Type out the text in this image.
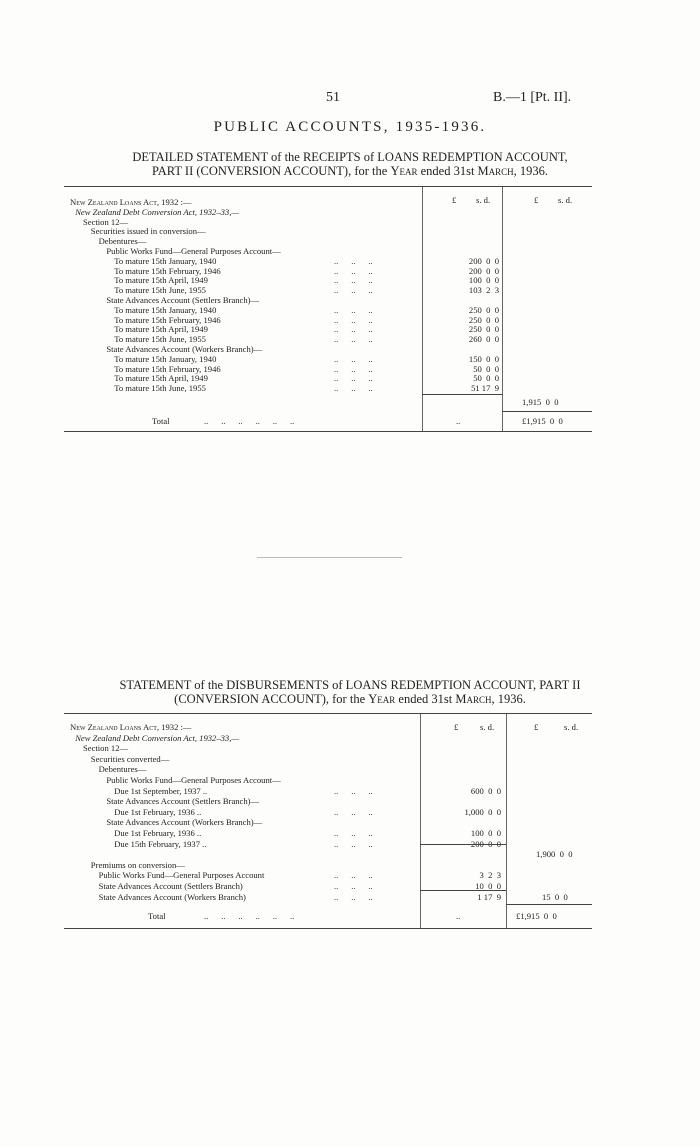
51	B.—1 [Pt. II].
PUBLIC ACCOUNTS, 1935-1936.
DETAILED STATEMENT of the RECEIPTS of LOANS REDEMPTION ACCOUNT,
PART II (CONVERSION ACCOUNT), for the Year ended 31st March, 1936.
£ s. d.	£ s. d.
New Zealand Loans Act, 1932 :—
New Zealand Debt Conversion Act, 1932–33,—
Section 12—
Securities issued in conversion—
Debentures—
Public Works Fund—General Purposes Account—
To mature 15th January, 1940	..      ..      ..	200  0  0
To mature 15th February, 1946	..      ..      ..	200  0  0
To mature 15th April, 1949	..      ..      ..	100  0  0
To mature 15th June, 1955	..      ..      ..	103  2  3
State Advances Account (Settlers Branch)—
To mature 15th January, 1940	..      ..      ..	250  0  0
To mature 15th February, 1946	..      ..      ..	250  0  0
To mature 15th April, 1949	..      ..      ..	250  0  0
To mature 15th June, 1955	..      ..      ..	260  0  0
State Advances Account (Workers Branch)—
To mature 15th January, 1940	..      ..      ..	150  0  0
To mature 15th February, 1946	..      ..      ..	50  0  0
To mature 15th April, 1949	..      ..      ..	50  0  0
To mature 15th June, 1955	..      ..      ..	51 17  9
1,915  0  0
Total	..      ..      ..      ..      ..      ..	..	£1,915  0  0
STATEMENT of the DISBURSEMENTS of LOANS REDEMPTION ACCOUNT, PART II
(CONVERSION ACCOUNT), for the Year ended 31st March, 1936.
£	s. d.	£	s. d.
New Zealand Loans Act, 1932 :—
New Zealand Debt Conversion Act, 1932–33,—
Section 12—
Securities converted—
Debentures—
Public Works Fund—General Purposes Account—
Due 1st September, 1937 ..	..      ..      ..	600  0  0
State Advances Account (Settlers Branch)—
Due 1st February, 1936 ..	..      ..      ..	1,000  0  0
State Advances Account (Workers Branch)—
Due 1st February, 1936 ..	..      ..      ..	100  0  0
Due 15th February, 1937 ..	..      ..      ..	200  0  0
1,900  0  0
Premiums on conversion—
Public Works Fund—General Purposes Account	..      ..      ..	3  2  3
State Advances Account (Settlers Branch)	..      ..      ..	10  0  0
State Advances Account (Workers Branch)	..      ..      ..	1 17  9	15  0  0
Total	..      ..      ..      ..      ..      ..	..	£1,915  0  0
